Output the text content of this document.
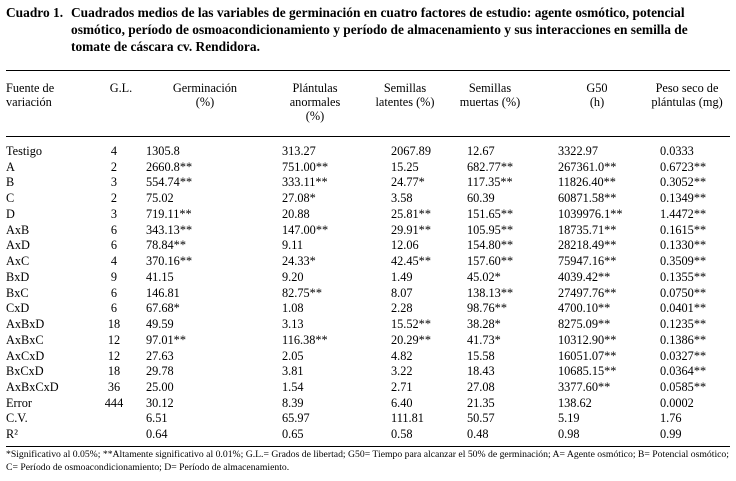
Cuadro 1. Cuadrados medios de las variables de germinación en cuatro factores de estudio: agente osmótico, potencial osmótico, período de osmoacondicionamiento y período de almacenamiento y sus interacciones en semilla de tomate de cáscara cv. Rendidora.
Fuente de
variación
G.L.	Germinación
(%)
Plántulas
anormales
(%)
Semillas
latentes (%)
Semillas
muertas (%)
G50
(h)
Peso seco de
plántulas (mg)
Testigo	4	1305.8	313.27	2067.89	12.67	3322.97	0.0333

A	2	2660.8**	751.00**	15.25	682.77**	267361.0**	0.6723**

B	3	554.74**	333.11**	24.77*	117.35**	11826.40**	0.3052**

C	2	75.02	27.08*	3.58	60.39	60871.58**	0.1349**

D	3	719.11**	20.88	25.81**	151.65**	1039976.1**	1.4472**

AxB	6	343.13**	147.00**	29.91**	105.95**	18735.71**	0.1615**

AxD	6	78.84**	9.11	12.06	154.80**	28218.49**	0.1330**

AxC	4	370.16**	24.33*	42.45**	157.60**	75947.16**	0.3509**

BxD	9	41.15	9.20	1.49	45.02*	4039.42**	0.1355**

BxC	6	146.81	82.75**	8.07	138.13**	27497.76**	0.0750**

CxD	6	67.68*	1.08	2.28	98.76**	4700.10**	0.0401**

AxBxD	18	49.59	3.13	15.52**	38.28*	8275.09**	0.1235**

AxBxC	12	97.01**	116.38**	20.29**	41.73*	10312.90**	0.1386**

AxCxD	12	27.63	2.05	4.82	15.58	16051.07**	0.0327**

BxCxD	18	29.78	3.81	3.22	18.43	10685.15**	0.0364**

AxBxCxD	36	25.00	1.54	2.71	27.08	3377.60**	0.0585**

Error	444	30.12	8.39	6.40	21.35	138.62	0.0002

C.V.		6.51	65.97	111.81	50.57	5.19	1.76

R²		0.64	0.65	0.58	0.48	0.98	0.99
*Significativo al 0.05%; **Altamente significativo al 0.01%; G.L.= Grados de libertad; G50= Tiempo para alcanzar el 50% de germinación; A= Agente osmótico; B= Potencial osmótico; C= Período de osmoacondicionamiento; D= Período de almacenamiento.
